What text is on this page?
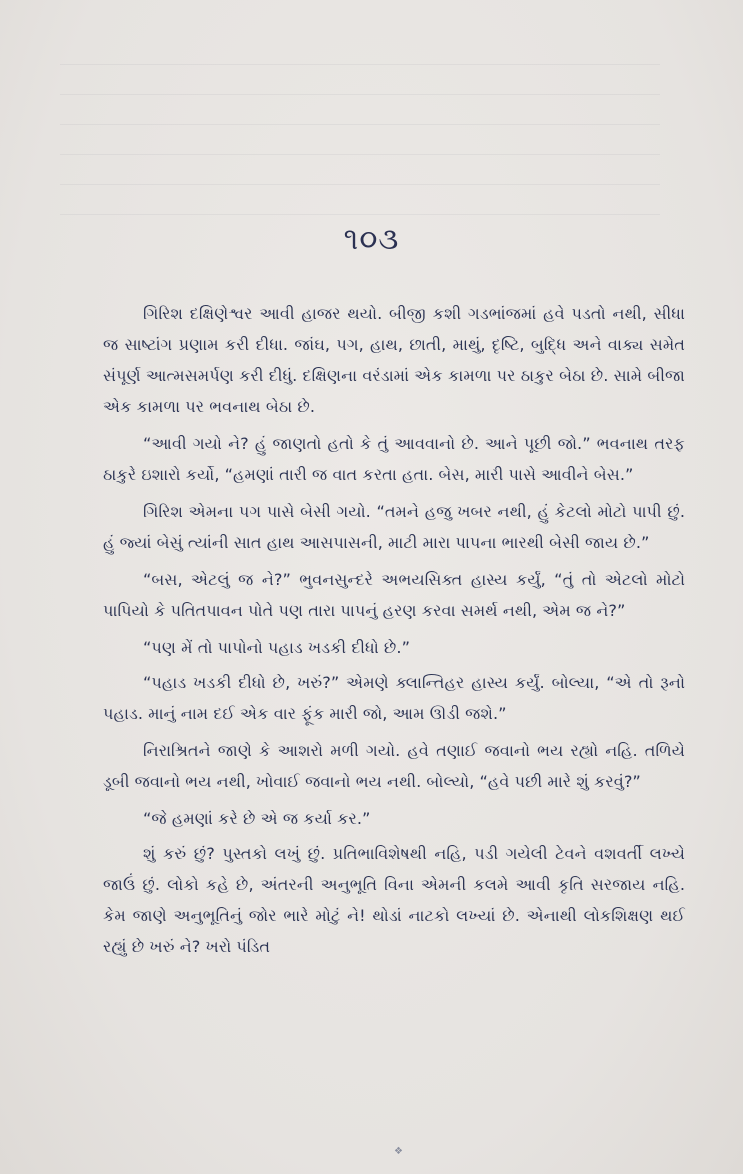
૧૦૩

ગિરિશ દક્ષિણેશ્વર આવી હાજર થયો. બીજી કશી ગડભાંજમાં હવે પડતો નથી, સીધા જ સાષ્ટાંગ પ્રણામ કરી દીધા. જાંઘ, પગ, હાથ, છાતી, માથું, દૃષ્ટિ, બુદ્ધિ અને વાક્ય સમેત સંપૂર્ણ આત્મસમર્પણ કરી દીધું. દક્ષિણના વરંડામાં એક કામળા પર ઠાકુર બેઠા છે. સામે બીજા એક કામળા પર ભવનાથ બેઠા છે.

“આવી ગયો ને? હું જાણતો હતો કે તું આવવાનો છે. આને પૂછી જો.” ભવનાથ તરફ ઠાકુરે ઇશારો કર્યો, “હમણાં તારી જ વાત કરતા હતા. બેસ, મારી પાસે આવીને બેસ.”

ગિરિશ એમના પગ પાસે બેસી ગયો. “તમને હજુ ખબર નથી, હું કેટલો મોટો પાપી છું. હું જ્યાં બેસું ત્યાંની સાત હાથ આસપાસની, માટી મારા પાપના ભારથી બેસી જાય છે.”

“બસ, એટલું જ ને?” ભુવનસુન્દરે અભયસિક્ત હાસ્ય કર્યું, “તું તો એટલો મોટો પાપિયો કે પતિતપાવન પોતે પણ તારા પાપનું હરણ કરવા સમર્થ નથી, એમ જ ને?”

“પણ મેં તો પાપોનો પહાડ ખડકી દીધો છે.”

“પહાડ ખડકી દીધો છે, ખરું?” એમણે ક્લાન્તિહર હાસ્ય કર્યું. બોલ્યા, “એ તો રૂનો પહાડ. માનું નામ દઈ એક વાર ફૂંક મારી જો, આમ ઊડી જશે.”

નિરાશ્રિતને જાણે કે આશરો મળી ગયો. હવે તણાઈ જવાનો ભય રહ્યો નહિ. તળિયે ડૂબી જવાનો ભય નથી, ખોવાઈ જવાનો ભય નથી. બોલ્યો, “હવે પછી મારે શું કરવું?”

“જે હમણાં કરે છે એ જ કર્યા કર.”

શું કરું છું? પુસ્તકો લખું છું. પ્રતિભાવિશેષથી નહિ, પડી ગયેલી ટેવને વશવર્તી લખ્યે જાઉં છું. લોકો કહે છે, અંતરની અનુભૂતિ વિના એમની કલમે આવી કૃતિ સરજાય નહિ. કેમ જાણે અનુભૂતિનું જોર ભારે મોટું ને! થોડાં નાટકો લખ્યાં છે. એનાથી લોકશિક્ષણ થઈ રહ્યું છે ખરું ને? ખરો પંડિત

❖
